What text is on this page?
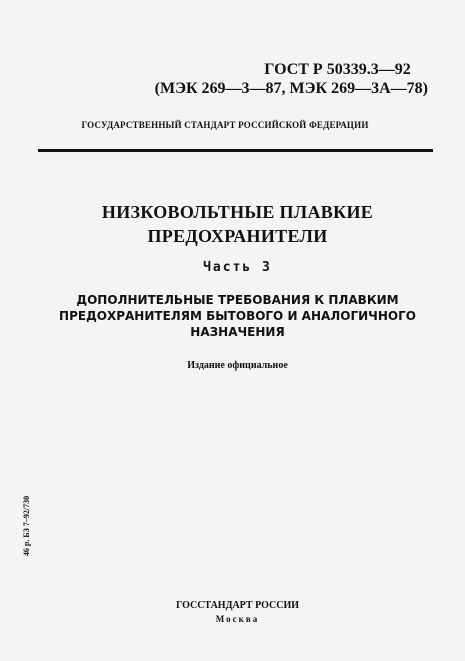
ГОСТ Р 50339.3—92
(МЭК 269—3—87, МЭК 269—3А—78)
ГОСУДАРСТВЕННЫЙ СТАНДАРТ РОССИЙСКОЙ ФЕДЕРАЦИИ
НИЗКОВОЛЬТНЫЕ ПЛАВКИЕ
ПРЕДОХРАНИТЕЛИ
Часть 3
ДОПОЛНИТЕЛЬНЫЕ ТРЕБОВАНИЯ К ПЛАВКИМ
ПРЕДОХРАНИТЕЛЯМ БЫТОВОГО И АНАЛОГИЧНОГО
НАЗНАЧЕНИЯ
Издание официальное
46 р. БЗ 7–92/730
ГОССТАНДАРТ РОССИИ
Москва
